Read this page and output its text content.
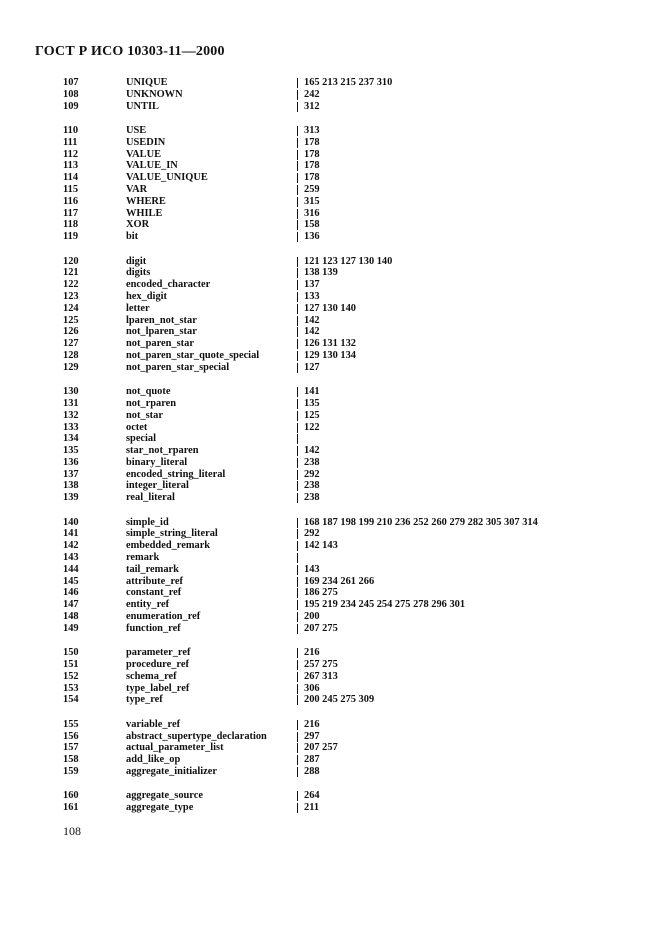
ГОСТ Р ИСО 10303-11—2000
107	UNIQUE	165 213 215 237 310
108	UNKNOWN	242
109	UNTIL	312
110	USE	313
111	USEDIN	178
112	VALUE	178
113	VALUE_IN	178
114	VALUE_UNIQUE	178
115	VAR	259
116	WHERE	315
117	WHILE	316
118	XOR	158
119	bit	136
120	digit	121 123 127 130 140
121	digits	138 139
122	encoded_character	137
123	hex_digit	133
124	letter	127 130 140
125	lparen_not_star	142
126	not_lparen_star	142
127	not_paren_star	126 131 132
128	not_paren_star_quote_special	129 130 134
129	not_paren_star_special	127
130	not_quote	141
131	not_rparen	135
132	not_star	125
133	octet	122
134	special
135	star_not_rparen	142
136	binary_literal	238
137	encoded_string_literal	292
138	integer_literal	238
139	real_literal	238
140	simple_id	168 187 198 199 210 236 252 260 279 282 305 307 314
141	simple_string_literal	292
142	embedded_remark	142 143
143	remark
144	tail_remark	143
145	attribute_ref	169 234 261 266
146	constant_ref	186 275
147	entity_ref	195 219 234 245 254 275 278 296 301
148	enumeration_ref	200
149	function_ref	207 275
150	parameter_ref	216
151	procedure_ref	257 275
152	schema_ref	267 313
153	type_label_ref	306
154	type_ref	200 245 275 309
155	variable_ref	216
156	abstract_supertype_declaration	297
157	actual_parameter_list	207 257
158	add_like_op	287
159	aggregate_initializer	288
160	aggregate_source	264
161	aggregate_type	211
108
